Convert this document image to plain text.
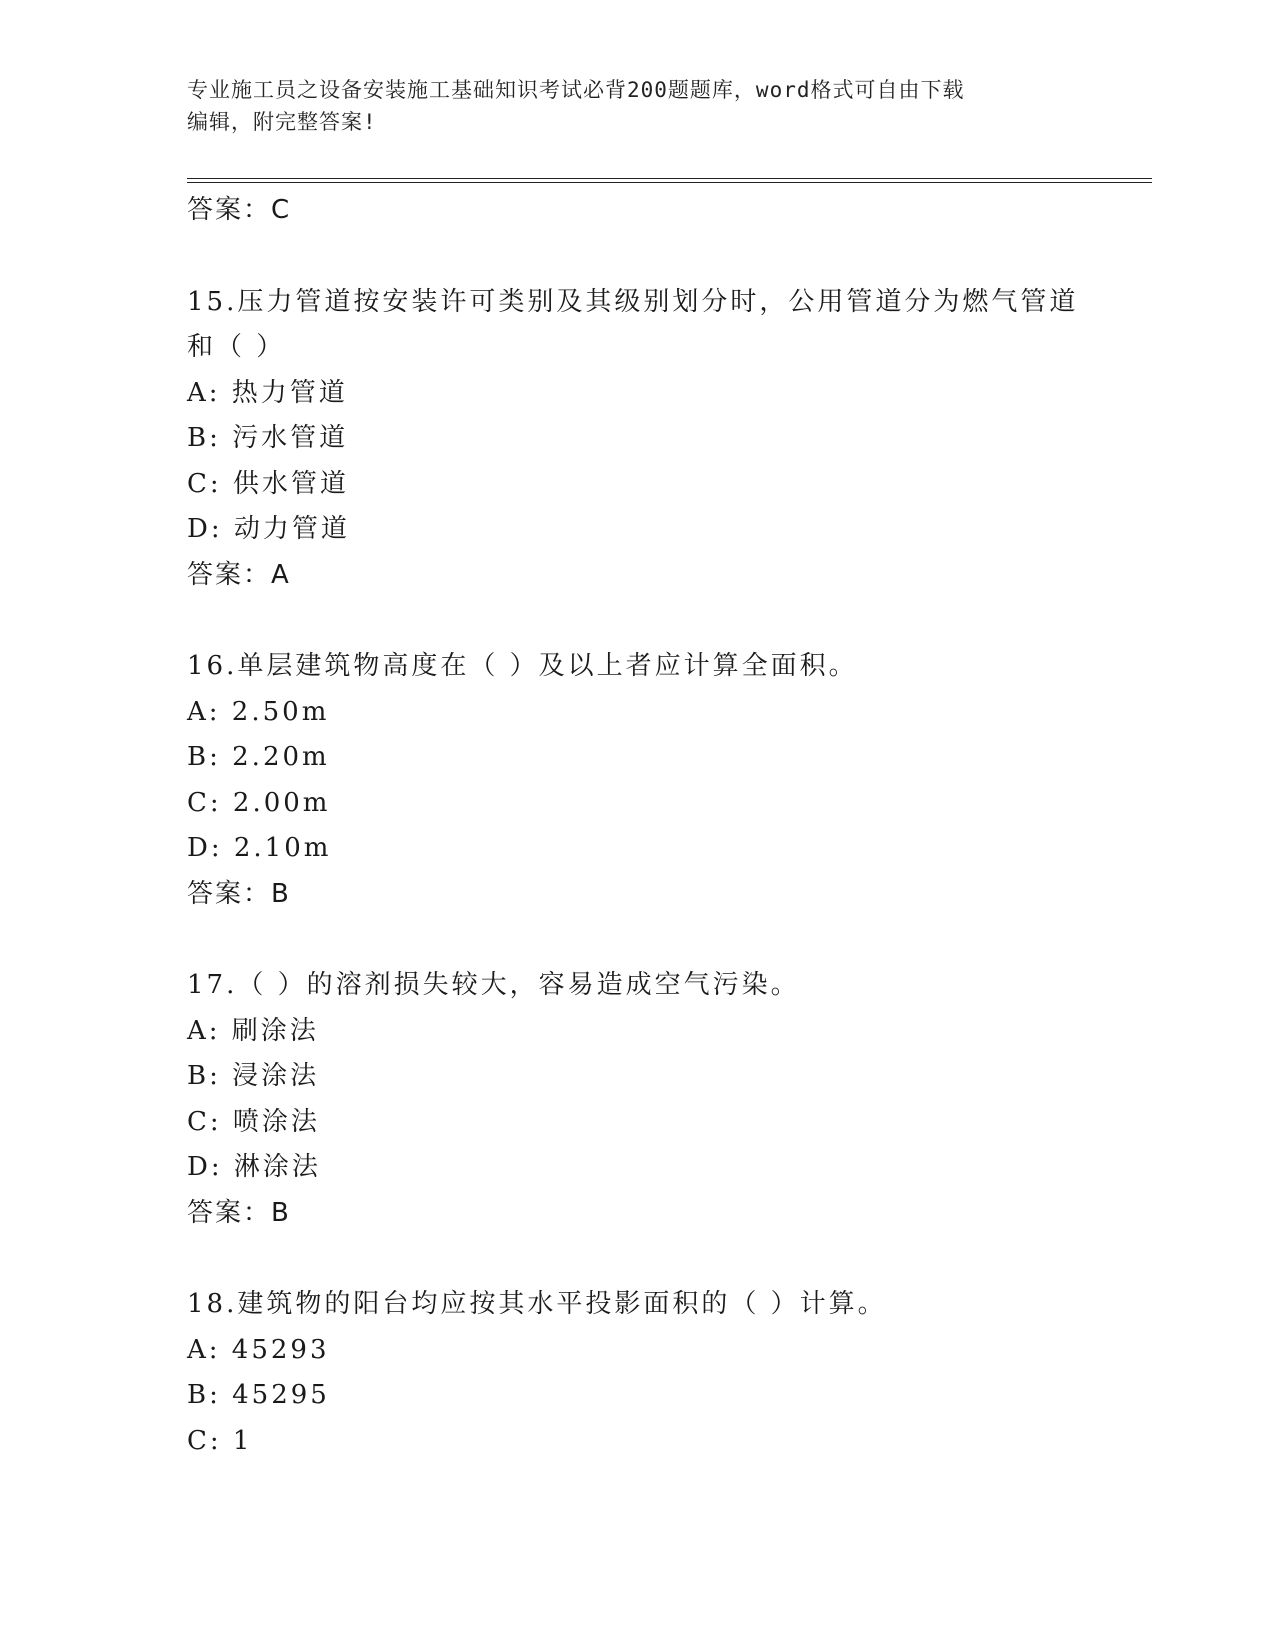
专业施工员之设备安装施工基础知识考试必背200题题库，word格式可自由下载
编辑，附完整答案!
答案：C
15.压力管道按安装许可类别及其级别划分时，公用管道分为燃气管道
和（ ）
A: 热力管道
B: 污水管道
C: 供水管道
D: 动力管道
答案：A
16.单层建筑物高度在（ ）及以上者应计算全面积。
A: 2.50m
B: 2.20m
C: 2.00m
D: 2.10m
答案：B
17.（ ）的溶剂损失较大，容易造成空气污染。
A: 刷涂法
B: 浸涂法
C: 喷涂法
D: 淋涂法
答案：B
18.建筑物的阳台均应按其水平投影面积的（ ）计算。
A: 45293
B: 45295
C: 1
